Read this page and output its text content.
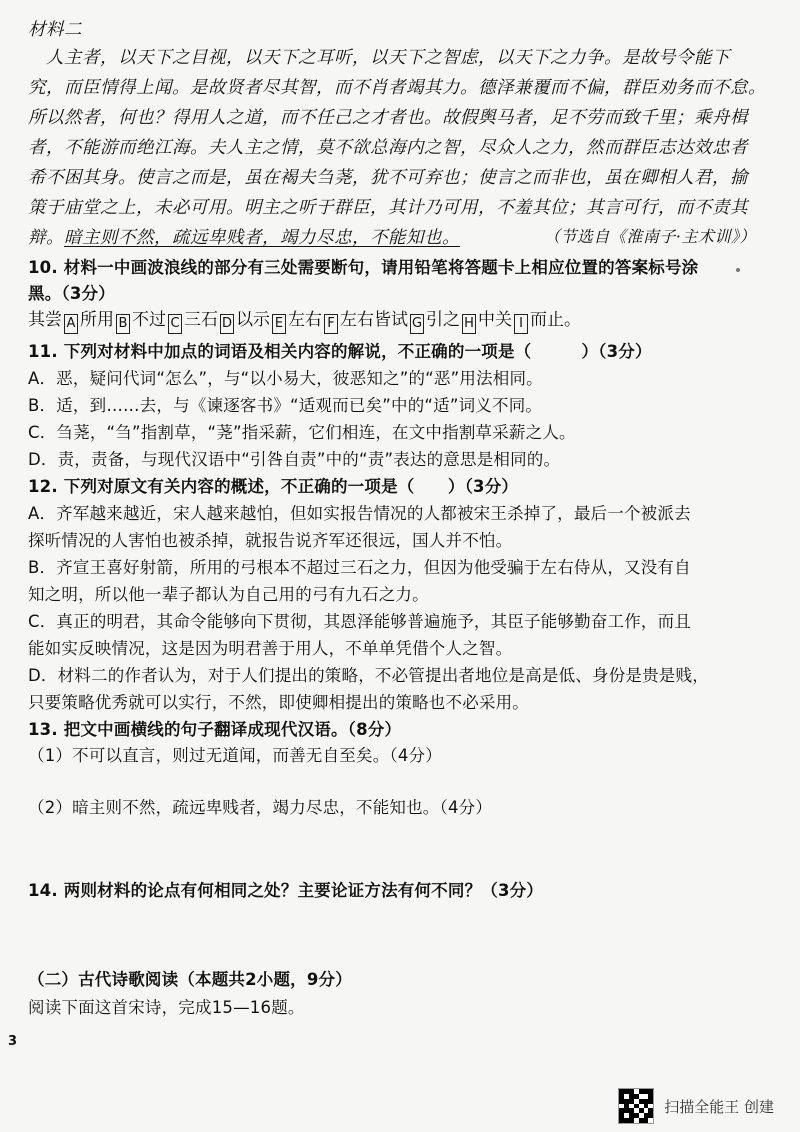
材料二
　人主者，以天下之目视，以天下之耳听，以天下之智虑，以天下之力争。是故号令能下
究，而臣情得上闻。是故贤者尽其智，而不肖者竭其力。德泽兼覆而不偏，群臣劝务而不怠。
所以然者，何也？得用人之道，而不任己之才者也。故假舆马者，足不劳而致千里；乘舟楫
者，不能游而绝江海。夫人主之情，莫不欲总海内之智，尽众人之力，然而群臣志达效忠者
希不困其身。使言之而是，虽在褐夫刍荛，犹不可弃也；使言之而非也，虽在卿相人君，揄
策于庙堂之上，未必可用。明主之听于群臣，其计乃可用，不羞其位；其言可行，而不责其
辩。暗主则不然，疏远卑贱者，竭力尽忠，不能知也。	（节选自《淮南子·主术训》）
10. 材料一中画波浪线的部分有三处需要断句，请用铅笔将答题卡上相应位置的答案标号涂
黑。（3分）
其尝 A 所用 B 不过 C 三石 D 以示 E 左右 F 左右皆试 G 引之 H 中关 I 而止。
11. 下列对材料中加点的词语及相关内容的解说，不正确的一项是（　　　）（3分）
A．恶，疑问代词“怎么”，与“以小易大，彼恶知之”的“恶”用法相同。
B．适，到……去，与《谏逐客书》“适观而已矣”中的“适”词义不同。
C．刍荛，“刍”指割草，“荛”指采薪，它们相连，在文中指割草采薪之人。
D．责，责备，与现代汉语中“引咎自责”中的“责”表达的意思是相同的。
12. 下列对原文有关内容的概述，不正确的一项是（　　）（3分）
A．齐军越来越近，宋人越来越怕，但如实报告情况的人都被宋王杀掉了，最后一个被派去
探听情况的人害怕也被杀掉，就报告说齐军还很远，国人并不怕。
B．齐宣王喜好射箭，所用的弓根本不超过三石之力，但因为他受骗于左右侍从，又没有自
知之明，所以他一辈子都认为自己用的弓有九石之力。
C．真正的明君，其命令能够向下贯彻，其恩泽能够普遍施予，其臣子能够勤奋工作，而且
能如实反映情况，这是因为明君善于用人，不单单凭借个人之智。
D．材料二的作者认为，对于人们提出的策略，不必管提出者地位是高是低、身份是贵是贱，
只要策略优秀就可以实行，不然，即使卿相提出的策略也不必采用。
13. 把文中画横线的句子翻译成现代汉语。（8分）
（1）不可以直言，则过无道闻，而善无自至矣。（4分）
（2）暗主则不然，疏远卑贱者，竭力尽忠，不能知也。（4分）
14. 两则材料的论点有何相同之处？主要论证方法有何不同？（3分）
（二）古代诗歌阅读（本题共2小题，9分）
阅读下面这首宋诗，完成15—16题。
3
扫描全能王 创建
